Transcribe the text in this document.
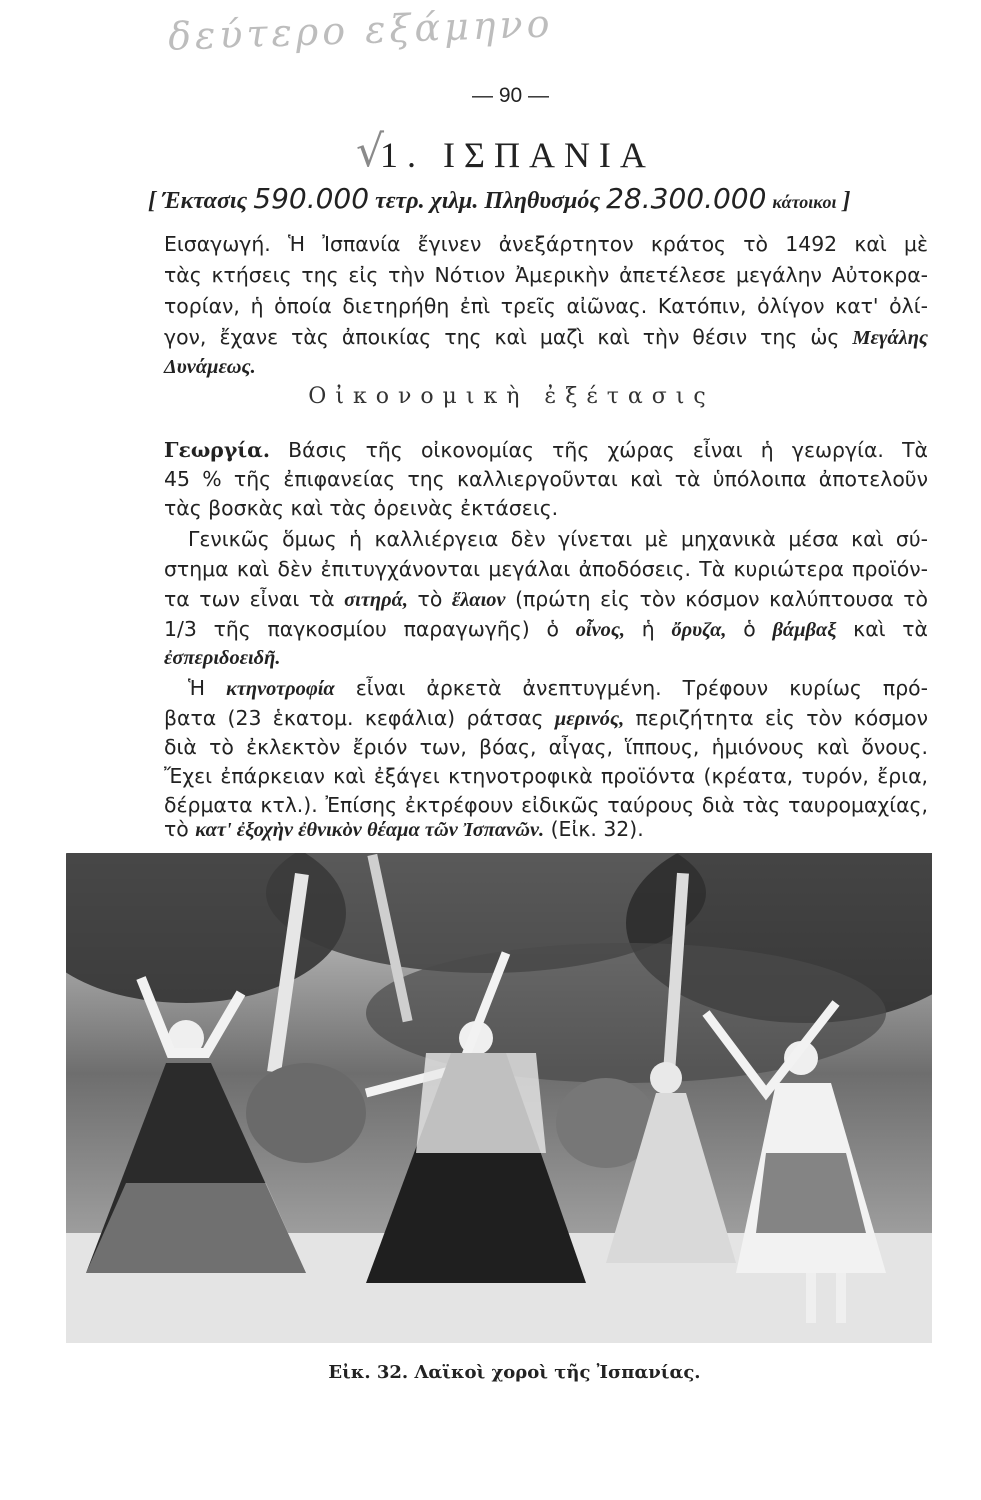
δεύτερο εξάμηνο
√
— 90 —
1. ΙΣΠΑΝΙΑ
[ Έκτασις 590.000 τετρ. χιλμ. Πληθυσμός 28.300.000 κάτοικοι ]
Εισαγωγή. Ἡ Ἰσπανία ἔγινεν ἀνεξάρτητον κράτος τὸ 1492 καὶ μὲ
τὰς κτήσεις της εἰς τὴν Νότιον Ἀμερικὴν ἀπετέλεσε μεγάλην Αὐτοκρα-
τορίαν, ἡ ὁποία διετηρήθη ἐπὶ τρεῖς αἰῶνας. Κατόπιν, ὀλίγον κατ' ὀλί-
γον, ἔχανε τὰς ἀποικίας της καὶ μαζὶ καὶ τὴν θέσιν της ὡς Μεγάλης
Δυνάμεως.
Οἰκονομικὴ ἐξέτασις
Γεωργία. Βάσις τῆς οἰκονομίας τῆς χώρας εἶναι ἡ γεωργία. Τὰ
45 % τῆς ἐπιφανείας της καλλιεργοῦνται καὶ τὰ ὑπόλοιπα ἀποτελοῦν
τὰς βοσκὰς καὶ τὰς ὀρεινὰς ἐκτάσεις.
Γενικῶς ὅμως ἡ καλλιέργεια δὲν γίνεται μὲ μηχανικὰ μέσα καὶ σύ-
στημα καὶ δὲν ἐπιτυγχάνονται μεγάλαι ἀποδόσεις. Τὰ κυριώτερα προϊόν-
τα των εἶναι τὰ σιτηρά, τὸ ἔλαιον (πρώτη εἰς τὸν κόσμον καλύπτουσα τὸ
1/3 τῆς παγκοσμίου παραγωγῆς) ὁ οἶνος, ἡ ὄρυζα, ὁ βάμβαξ καὶ τὰ
ἐσπεριδοειδῆ.
Ἡ κτηνοτροφία εἶναι ἀρκετὰ ἀνεπτυγμένη. Τρέφουν κυρίως πρό-
βατα (23 ἑκατομ. κεφάλια) ράτσας μερινός, περιζήτητα εἰς τὸν κόσμον
διὰ τὸ ἐκλεκτὸν ἔριόν των, βόας, αἶγας, ἵππους, ἡμιόνους καὶ ὄνους.
Ἔχει ἐπάρκειαν καὶ ἐξάγει κτηνοτροφικὰ προϊόντα (κρέατα, τυρόν, ἔρια,
δέρματα κτλ.). Ἐπίσης ἐκτρέφουν εἰδικῶς ταύρους διὰ τὰς ταυρομαχίας,
τὸ κατ' ἐξοχὴν ἐθνικὸν θέαμα τῶν Ἰσπανῶν. (Εἰκ. 32).
Εἰκ. 32. Λαϊκοὶ χοροὶ τῆς Ἰσπανίας.
